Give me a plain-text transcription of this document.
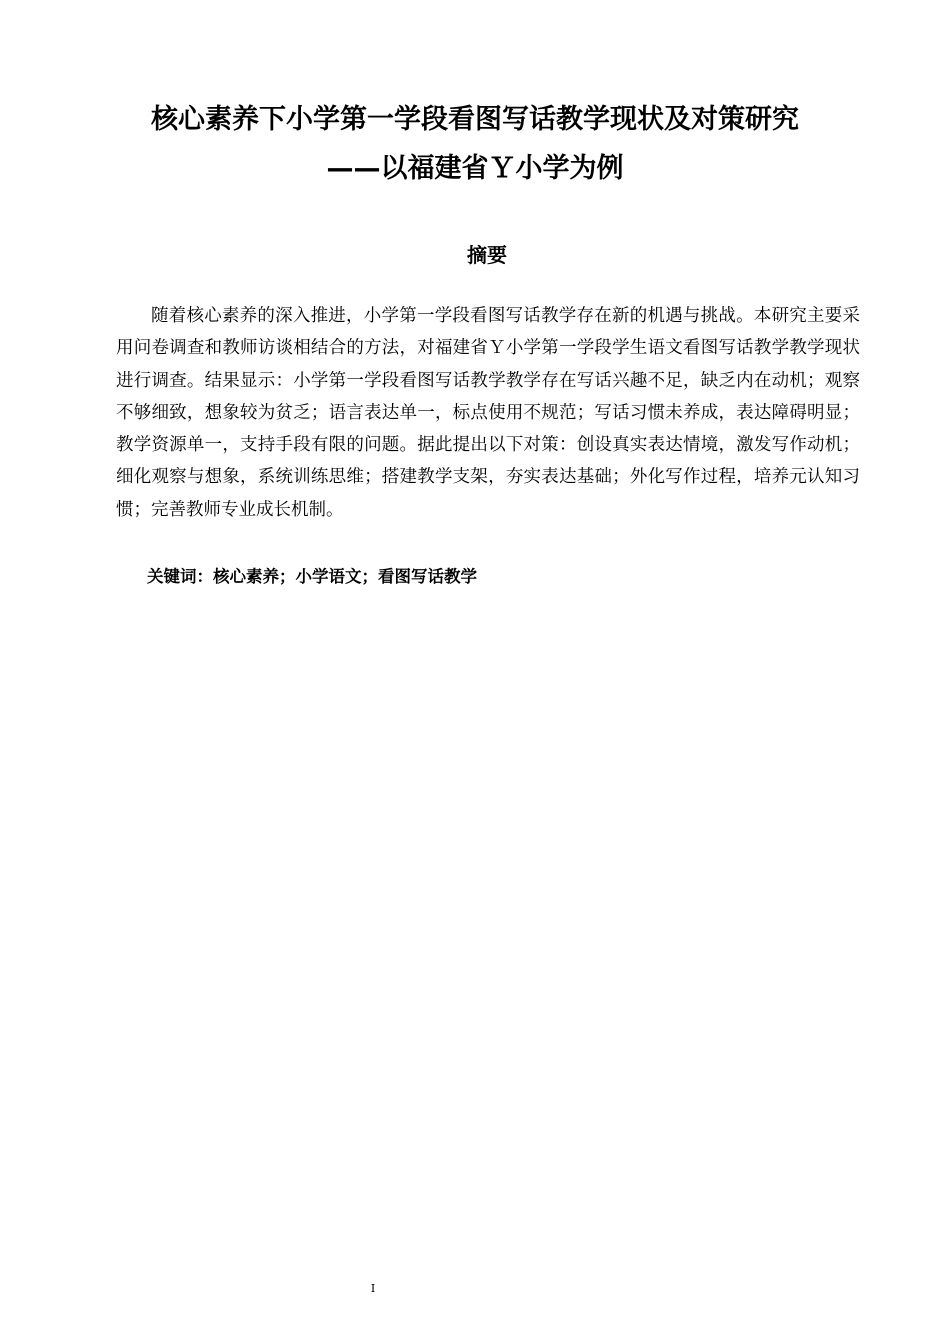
核心素养下小学第一学段看图写话教学现状及对策研究
——以福建省Ｙ小学为例
摘要

随着核心素养的深入推进，小学第一学段看图写话教学存在新的机遇与挑战。本研究主要采用问卷调查和教师访谈相结合的方法，对福建省Ｙ小学第一学段学生语文看图写话教学教学现状进行调查。结果显示：小学第一学段看图写话教学教学存在写话兴趣不足，缺乏内在动机；观察不够细致，想象较为贫乏；语言表达单一，标点使用不规范；写话习惯未养成，表达障碍明显；教学资源单一，支持手段有限的问题。据此提出以下对策：创设真实表达情境，激发写作动机；细化观察与想象，系统训练思维；搭建教学支架，夯实表达基础；外化写作过程，培养元认知习惯；完善教师专业成长机制。

关键词：核心素养；小学语文；看图写话教学
I
